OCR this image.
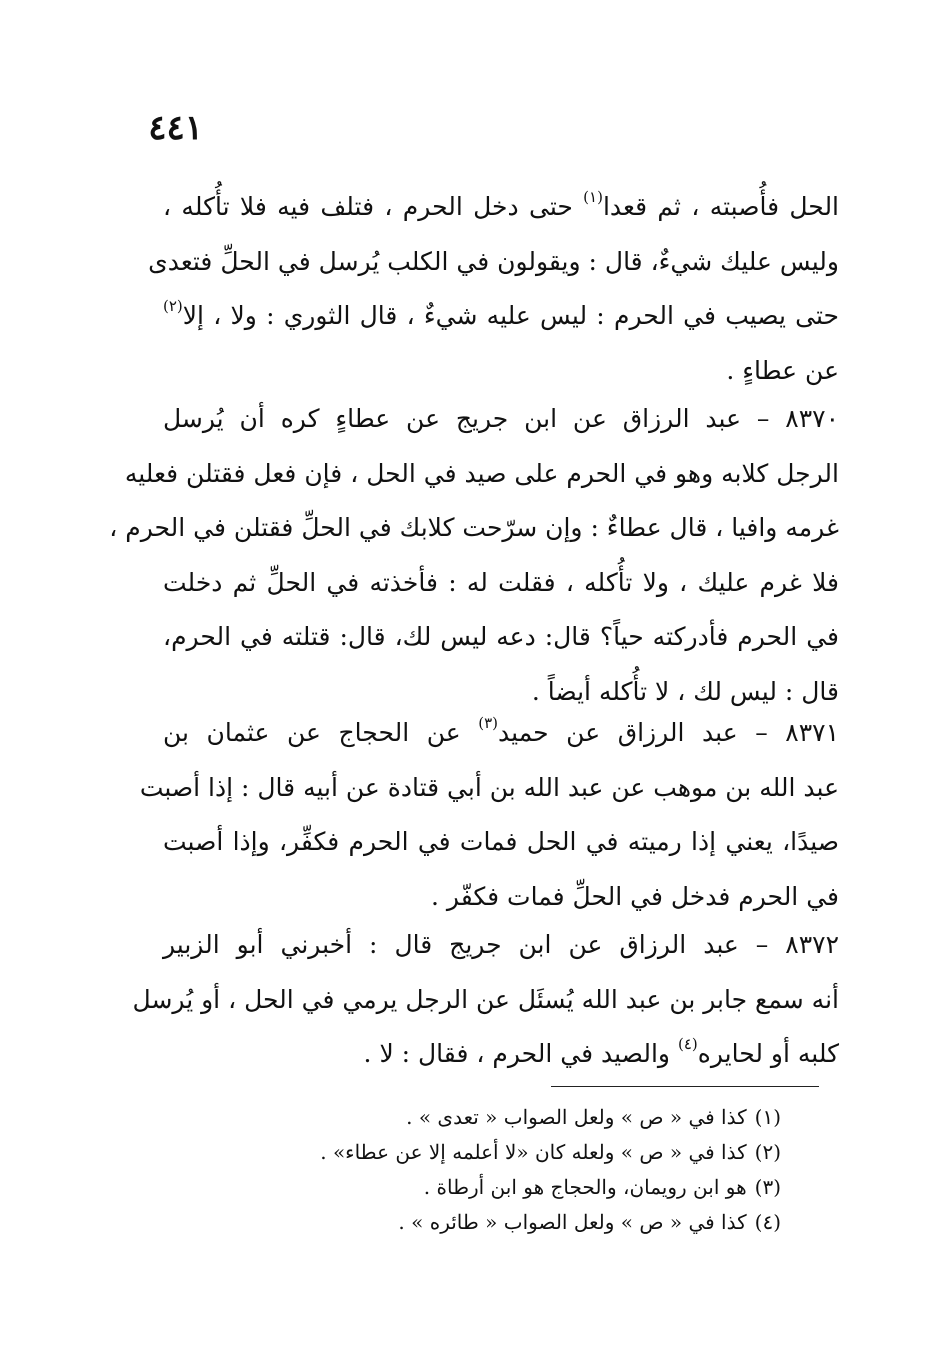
٤٤١
الحل فأُصبته ، ثم قعدا$^{(١)}$ حتى دخل الحرم ، فتلف فيه فلا تأُكله ،
وليس عليك شيءٌ، قال : ويقولون في الكلب يُرسل في الحلِّ فتعدى
حتى يصيب في الحرم : ليس عليه شيءٌ ، قال الثوري : ولا ، إلا$^{(٢)}$
عن عطاءٍ .
٨٣٧٠ – عبد الرزاق عن ابن جريج عن عطاءٍ كره أن يُرسل
الرجل كلابه وهو في الحرم على صيد في الحل ، فإن فعل فقتلن فعليه
غرمه وافيا ، قال عطاءٌ : وإن سرّحت كلابك في الحلِّ فقتلن في الحرم ،
فلا غرم عليك ، ولا تأُكله ، فقلت له : فأخذته في الحلِّ ثم دخلت
في الحرم فأدركته حياً؟ قال: دعه ليس لك، قال: قتلته في الحرم،
قال : ليس لك ، لا تأُكله أيضاً .
٨٣٧١ – عبد الرزاق عن حميد$^{(٣)}$ عن الحجاج عن عثمان بن
عبد الله بن موهب عن عبد الله بن أبي قتادة عن أبيه قال : إذا أصبت
صيدًا، يعني إذا رميته في الحل فمات في الحرم فكفِّر، وإذا أصبت
في الحرم فدخل في الحلِّ فمات فكفّر .
٨٣٧٢ – عبد الرزاق عن ابن جريج قال : أخبرني أبو الزبير
أنه سمع جابر بن عبد الله يُسئَل عن الرجل يرمي في الحل ، أو يُرسل
كلبه أو لحايره$^{(٤)}$ والصيد في الحرم ، فقال : لا .
(١)كذا في « ص » ولعل الصواب « تعدى » .
(٢)كذا في « ص » ولعله كان «لا أعلمه إلا عن عطاء» .
(٣)هو ابن رويمان، والحجاج هو ابن أرطاة .
(٤)كذا في « ص » ولعل الصواب « طائره » .
